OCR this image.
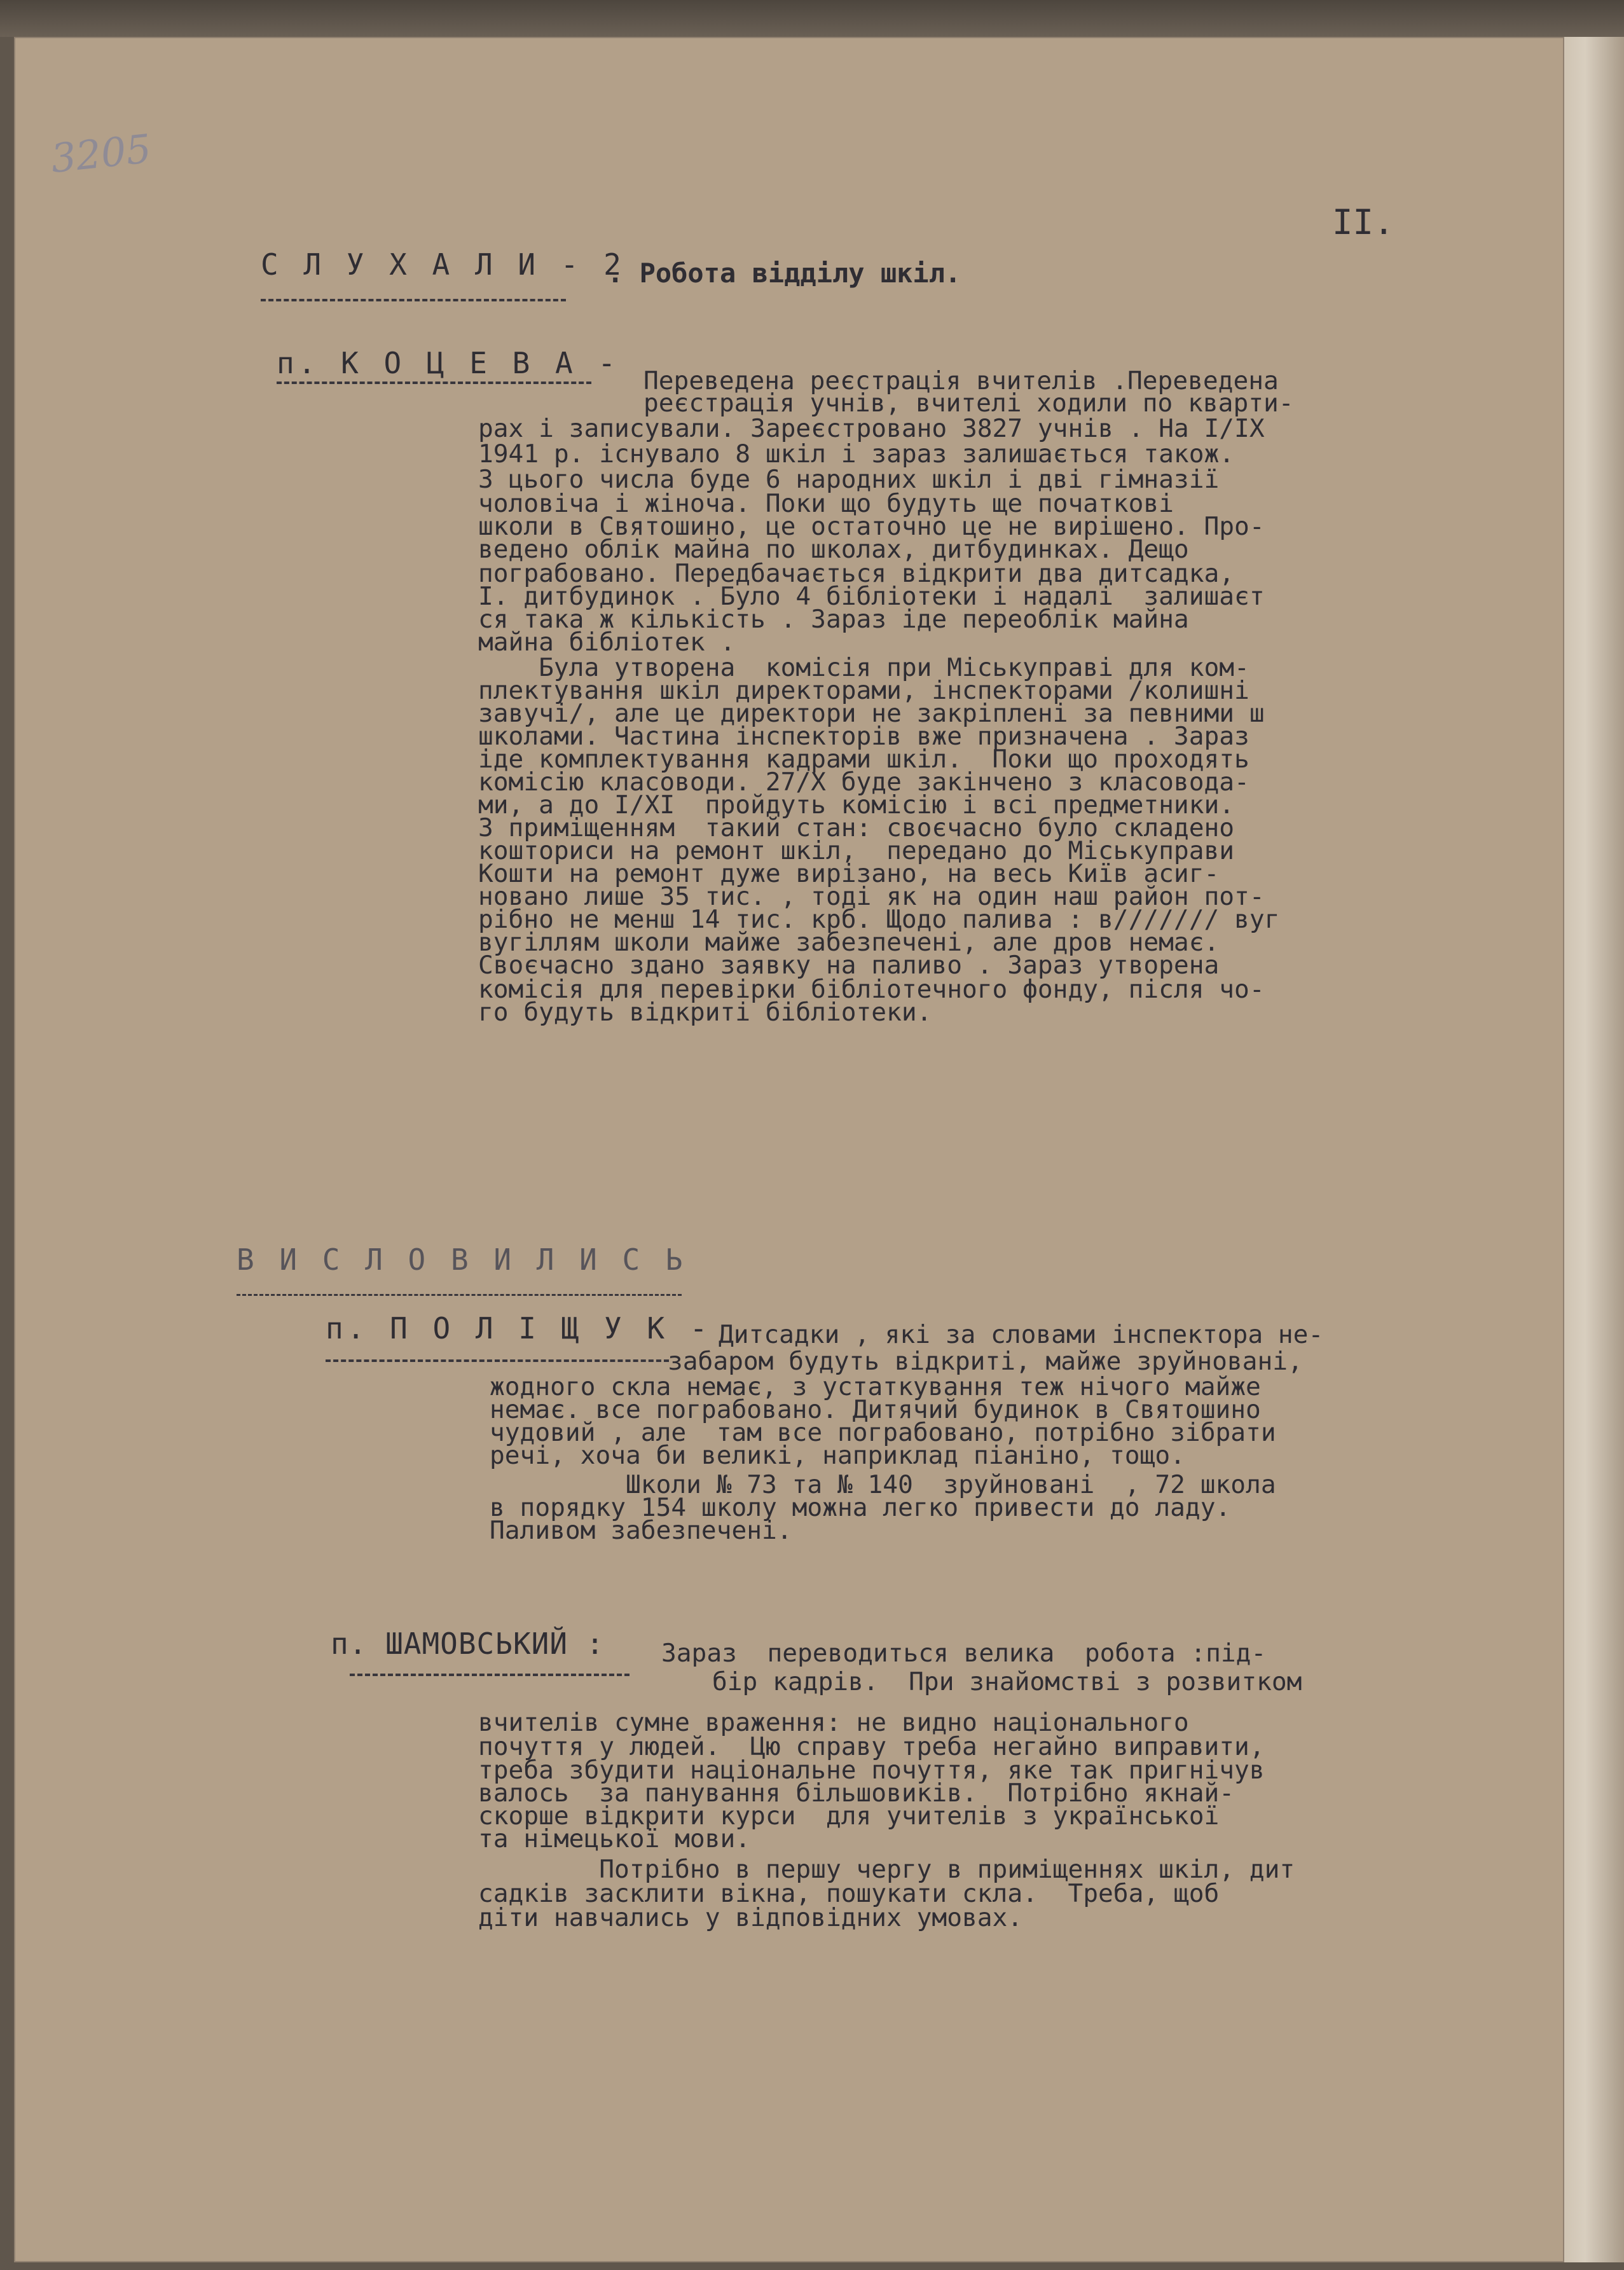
3205
II.
С Л У Х А Л И - 2
. Робота відділу шкіл.
п. К О Ц Е В А -
Переведена реєстрація вчителів .Переведена
реєстрація учнів, вчителі ходили по кварти-
рах і записували. Зареєстровано 3827 учнів . На І/ІХ
1941 р. існувало 8 шкіл і зараз залишається також.
З цього числа буде 6 народних шкіл і дві гімназії
чоловіча і жіноча. Поки що будуть ще початкові
школи в Святошино, це остаточно це не вирішено. Про-
ведено облік майна по школах, дитбудинках. Дещо
пограбовано. Передбачається відкрити два дитсадка,
І. дитбудинок . Було 4 бібліотеки і надалі  залишаєт
ся така ж кількість . Зараз іде переоблік майна
майна бібліотек .
Була утворена  комісія при Міськуправі для ком-
плектування шкіл директорами, інспекторами /колишні
завучі/, але це директори не закріплені за певними ш
школами. Частина інспекторів вже призначена . Зараз
іде комплектування кадрами шкіл.  Поки що проходять
комісію класоводи. 27/Х буде закінчено з класовода-
ми, а до І/ХІ  пройдуть комісію і всі предметники.
З приміщенням  такий стан: своєчасно було складено
кошториси на ремонт шкіл,  передано до Міськуправи
Кошти на ремонт дуже вирізано, на весь Київ асиг-
новано лише 35 тис. , тоді як на один наш район пот-
рібно не менш 14 тис. крб. Щодо палива : в/////// вуг
вугіллям школи майже забезпечені, але дров немає.
Своєчасно здано заявку на паливо . Зараз утворена
комісія для перевірки бібліотечного фонду, після чо-
го будуть відкриті бібліотеки.
В И С Л О В И Л И С Ь
п. П О Л І Щ У К - Дитсадки , які за словами інспектора не-
забаром будуть відкриті, майже зруйновані,
жодного скла немає, з устаткування теж нічого майже
немає. все пограбовано. Дитячий будинок в Святошино
чудовий , але  там все пограбовано, потрібно зібрати
речі, хоча би великі, наприклад піаніно, тощо.
Школи № 73 та № 140  зруйновані  , 72 школа
в порядку 154 школу можна легко привести до ладу.
Паливом забезпечені.
п. ШАМОВСЬКИЙ : Зараз  переводиться велика  робота :під-
бір кадрів.  При знайомстві з розвитком
вчителів сумне враження: не видно національного
почуття у людей.  Цю справу треба негайно виправити,
треба збудити національне почуття, яке так пригнічув
валось  за панування більшовиків.  Потрібно якнай-
скорше відкрити курси  для учителів з української
та німецької мови.
Потрібно в першу чергу в приміщеннях шкіл, дит
садків засклити вікна, пошукати скла.  Треба, щоб
діти навчались у відповідних умовах.
